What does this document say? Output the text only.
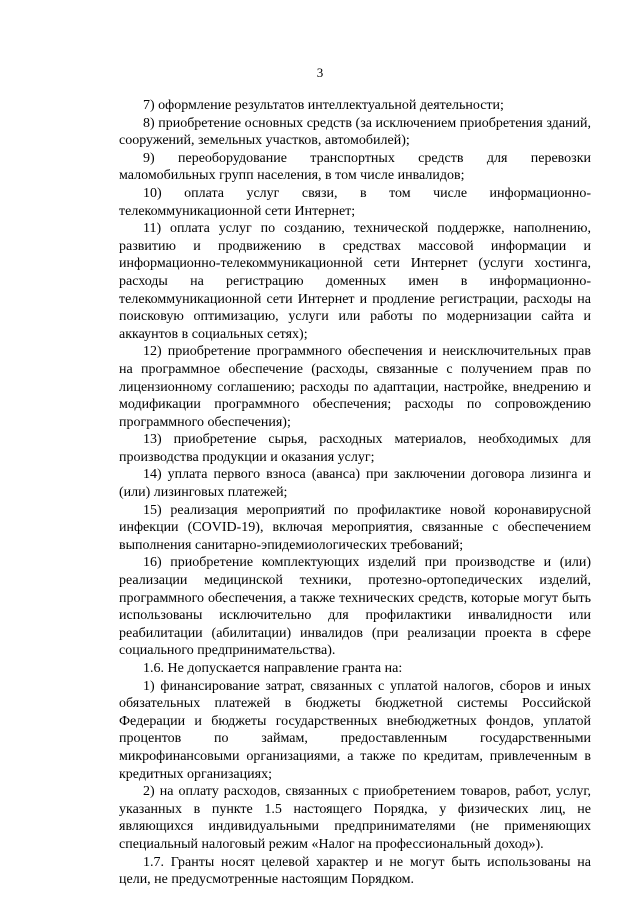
3

7) оформление результатов интеллектуальной деятельности;

8) приобретение основных средств (за исключением приобретения зданий, сооружений, земельных участков, автомобилей);

9) переоборудование транспортных средств для перевозки маломобильных групп населения, в том числе инвалидов;

10) оплата услуг связи, в том числе информационно-телекоммуникационной сети Интернет;

11) оплата услуг по созданию, технической поддержке, наполнению, развитию и продвижению в средствах массовой информации и информационно-телекоммуникационной сети Интернет (услуги хостинга, расходы на регистрацию доменных имен в информационно-телекоммуникационной сети Интернет и продление регистрации, расходы на поисковую оптимизацию, услуги или работы по модернизации сайта и аккаунтов в социальных сетях);

12) приобретение программного обеспечения и неисключительных прав на программное обеспечение (расходы, связанные с получением прав по лицензионному соглашению; расходы по адаптации, настройке, внедрению и модификации программного обеспечения; расходы по сопровождению программного обеспечения);

13) приобретение сырья, расходных материалов, необходимых для производства продукции и оказания услуг;

14) уплата первого взноса (аванса) при заключении договора лизинга и (или) лизинговых платежей;

15) реализация мероприятий по профилактике новой коронавирусной инфекции (COVID-19), включая мероприятия, связанные с обеспечением выполнения санитарно-эпидемиологических требований;

16) приобретение комплектующих изделий при производстве и (или) реализации медицинской техники, протезно-ортопедических изделий, программного обеспечения, а также технических средств, которые могут быть использованы исключительно для профилактики инвалидности или реабилитации (абилитации) инвалидов (при реализации проекта в сфере социального предпринимательства).

1.6. Не допускается направление гранта на:

1) финансирование затрат, связанных с уплатой налогов, сборов и иных обязательных платежей в бюджеты бюджетной системы Российской Федерации и бюджеты государственных внебюджетных фондов, уплатой процентов по займам, предоставленным государственными микрофинансовыми организациями, а также по кредитам, привлеченным в кредитных организациях;

2) на оплату расходов, связанных с приобретением товаров, работ, услуг, указанных в пункте 1.5 настоящего Порядка, у физических лиц, не являющихся индивидуальными предпринимателями (не применяющих специальный налоговый режим «Налог на профессиональный доход»).

1.7. Гранты носят целевой характер и не могут быть использованы на цели, не предусмотренные настоящим Порядком.
